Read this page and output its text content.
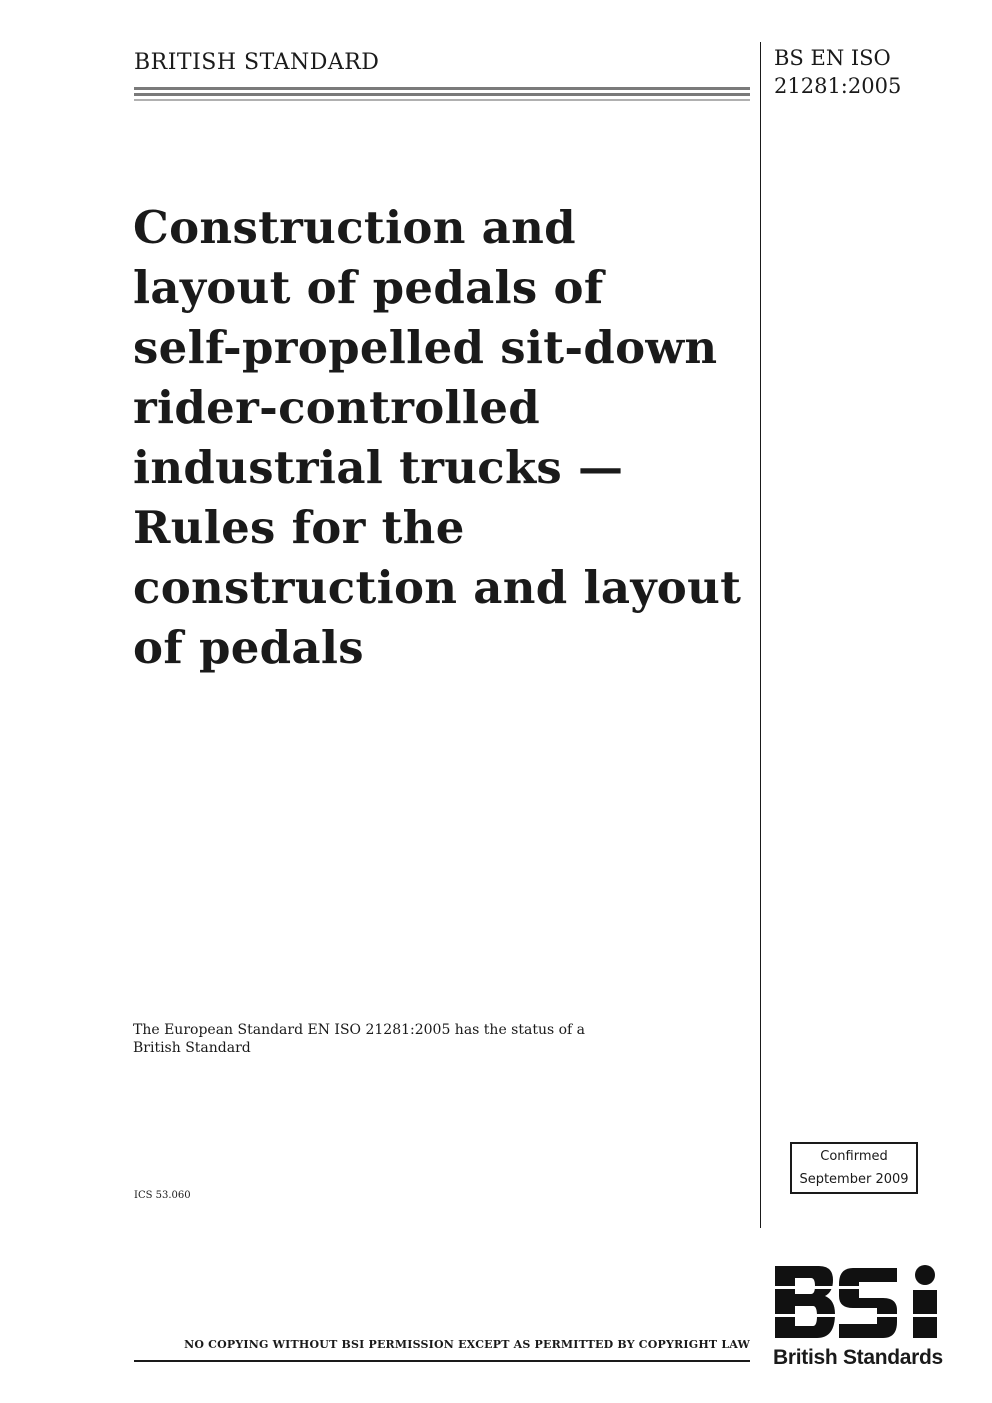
BRITISH STANDARD	BS EN ISO
21281:2005
Construction and
layout of pedals of
self-propelled sit-down
rider-controlled
industrial trucks —
Rules for the
construction and layout
of pedals
The European Standard EN ISO 21281:2005 has the status of a
British Standard
ICS 53.060
Confirmed
September 2009
NO COPYING WITHOUT BSI PERMISSION EXCEPT AS PERMITTED BY COPYRIGHT LAW
British Standards
